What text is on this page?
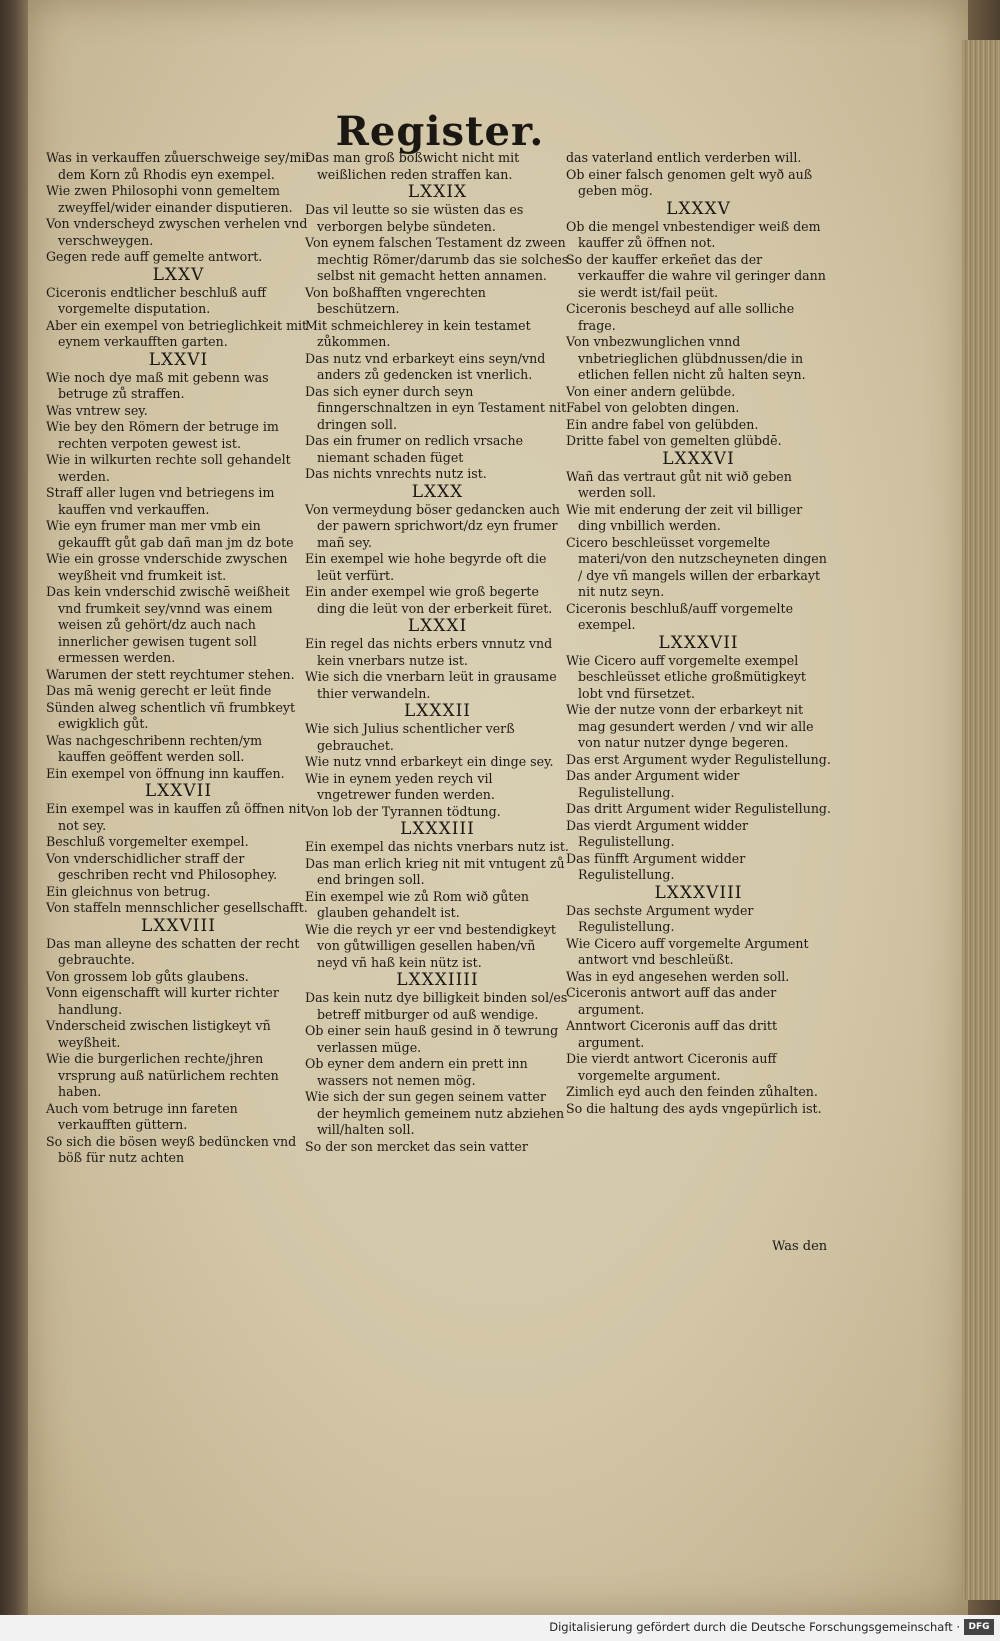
Register.

Was in verkauffen zůuerschweige sey/mit dem Korn zů Rhodis eyn exempel.

Wie zwen Philosophi vonn gemeltem zweyffel/wider einander disputieren.

Von vnderscheyd zwyschen verhelen vnd verschweygen.

Gegen rede auff gemelte antwort.

LXXV

Ciceronis endtlicher beschluß auff vorgemelte disputation.

Aber ein exempel von betrieglichkeit mit eynem verkaufften garten.

LXXVI

Wie noch dye maß mit gebenn was betruge zů straffen.

Was vntrew sey.

Wie bey den Römern der betruge im rechten verpoten gewest ist.

Wie in wilkurten rechte soll gehandelt werden.

Straff aller lugen vnd betriegens im kauffen vnd verkauffen.

Wie eyn frumer man mer vmb ein gekaufft gůt gab dañ man jm dz bote

Wie ein grosse vnderschide zwyschen weyßheit vnd frumkeit ist.

Das kein vnderschid zwischē weißheit vnd frumkeit sey/vnnd was einem weisen zů gehört/dz auch nach innerlicher gewisen tugent soll ermessen werden.

Warumen der stett reychtumer stehen.

Das mā wenig gerecht er leüt finde

Sünden alweg schentlich vñ frumbkeyt ewigklich gůt.

Was nachgeschribenn rechten/ym kauffen geöffent werden soll.

Ein exempel von öffnung inn kauffen.

LXXVII

Ein exempel was in kauffen zů öffnen nit not sey.

Beschluß vorgemelter exempel.

Von vnderschidlicher straff der geschriben recht vnd Philosophey.

Ein gleichnus von betrug.

Von staffeln mennschlicher gesellschafft.

LXXVIII

Das man alleyne des schatten der recht gebrauchte.

Von grossem lob gůts glaubens.

Vonn eigenschafft will kurter richter handlung.

Vnderscheid zwischen listigkeyt vñ weyßheit.

Wie die burgerlichen rechte/jhren vrsprung auß natürlichem rechten haben.

Auch vom betruge inn fareten verkaufften güttern.

So sich die bösen weyß bedüncken vnd böß für nutz achten

Das man groß bößwicht nicht mit weißlichen reden straffen kan.

LXXIX

Das vil leutte so sie wüsten das es verborgen belybe sündeten.

Von eynem falschen Testament dz zween mechtig Römer/darumb das sie solches selbst nit gemacht hetten annamen.

Von boßhafften vngerechten beschützern.

Mit schmeichlerey in kein testamet zůkommen.

Das nutz vnd erbarkeyt eins seyn/vnd anders zů gedencken ist vnerlich.

Das sich eyner durch seyn finngerschnaltzen in eyn Testament nit dringen soll.

Das ein frumer on redlich vrsache niemant schaden füget

Das nichts vnrechts nutz ist.

LXXX

Von vermeydung böser gedancken auch der pawern sprichwort/dz eyn frumer mañ sey.

Ein exempel wie hohe begyrde oft die leüt verfürt.

Ein ander exempel wie groß begerte ding die leüt von der erberkeit füret.

LXXXI

Ein regel das nichts erbers vnnutz vnd kein vnerbars nutze ist.

Wie sich die vnerbarn leüt in grausame thier verwandeln.

LXXXII

Wie sich Julius schentlicher verß gebrauchet.

Wie nutz vnnd erbarkeyt ein dinge sey.

Wie in eynem yeden reych vil vngetrewer funden werden.

Von lob der Tyrannen tödtung.

LXXXIII

Ein exempel das nichts vnerbars nutz ist.

Das man erlich krieg nit mit vntugent zů end bringen soll.

Ein exempel wie zů Rom wið gůten glauben gehandelt ist.

Wie die reych yr eer vnd bestendigkeyt von gůtwilligen gesellen haben/vñ neyd vñ haß kein nütz ist.

LXXXIIII

Das kein nutz dye billigkeit binden sol/es betreff mitburger od auß wendige.

Ob einer sein hauß gesind in ð tewrung verlassen müge.

Ob eyner dem andern ein prett inn wassers not nemen mög.

Wie sich der sun gegen seinem vatter der heymlich gemeinem nutz abziehen will/halten soll.

So der son mercket das sein vatter

das vaterland entlich verderben will.

Ob einer falsch genomen gelt wyð auß geben mög.

LXXXV

Ob die mengel vnbestendiger weiß dem kauffer zů öffnen not.

So der kauffer erkeñet das der verkauffer die wahre vil geringer dann sie werdt ist/fail peüt.

Ciceronis bescheyd auf alle solliche frage.

Von vnbezwunglichen vnnd vnbetrieglichen glübdnussen/die in etlichen fellen nicht zů halten seyn.

Von einer andern gelübde.

Fabel von gelobten dingen.

Ein andre fabel von gelübden.

Dritte fabel von gemelten glübdē.

LXXXVI

Wañ das vertraut gůt nit wið geben werden soll.

Wie mit enderung der zeit vil billiger ding vnbillich werden.

Cicero beschleüsset vorgemelte materi/von den nutzscheyneten dingen / dye vñ mangels willen der erbarkayt nit nutz seyn.

Ciceronis beschluß/auff vorgemelte exempel.

LXXXVII

Wie Cicero auff vorgemelte exempel beschleüsset etliche großmütigkeyt lobt vnd fürsetzet.

Wie der nutze vonn der erbarkeyt nit mag gesundert werden / vnd wir alle von natur nutzer dynge begeren.

Das erst Argument wyder Regulistellung.

Das ander Argument wider Regulistellung.

Das dritt Argument wider Regulistellung.

Das vierdt Argument widder Regulistellung.

Das fünfft Argument widder Regulistellung.

LXXXVIII

Das sechste Argument wyder Regulistellung.

Wie Cicero auff vorgemelte Argument antwort vnd beschleüßt.

Was in eyd angesehen werden soll.

Ciceronis antwort auff das ander argument.

Anntwort Ciceronis auff das dritt argument.

Die vierdt antwort Ciceronis auff vorgemelte argument.

Zimlich eyd auch den feinden zůhalten.

So die haltung des ayds vngepürlich ist.

Was den
Digitalisierung gefördert durch die Deutsche Forschungsgemeinschaft · DFG
